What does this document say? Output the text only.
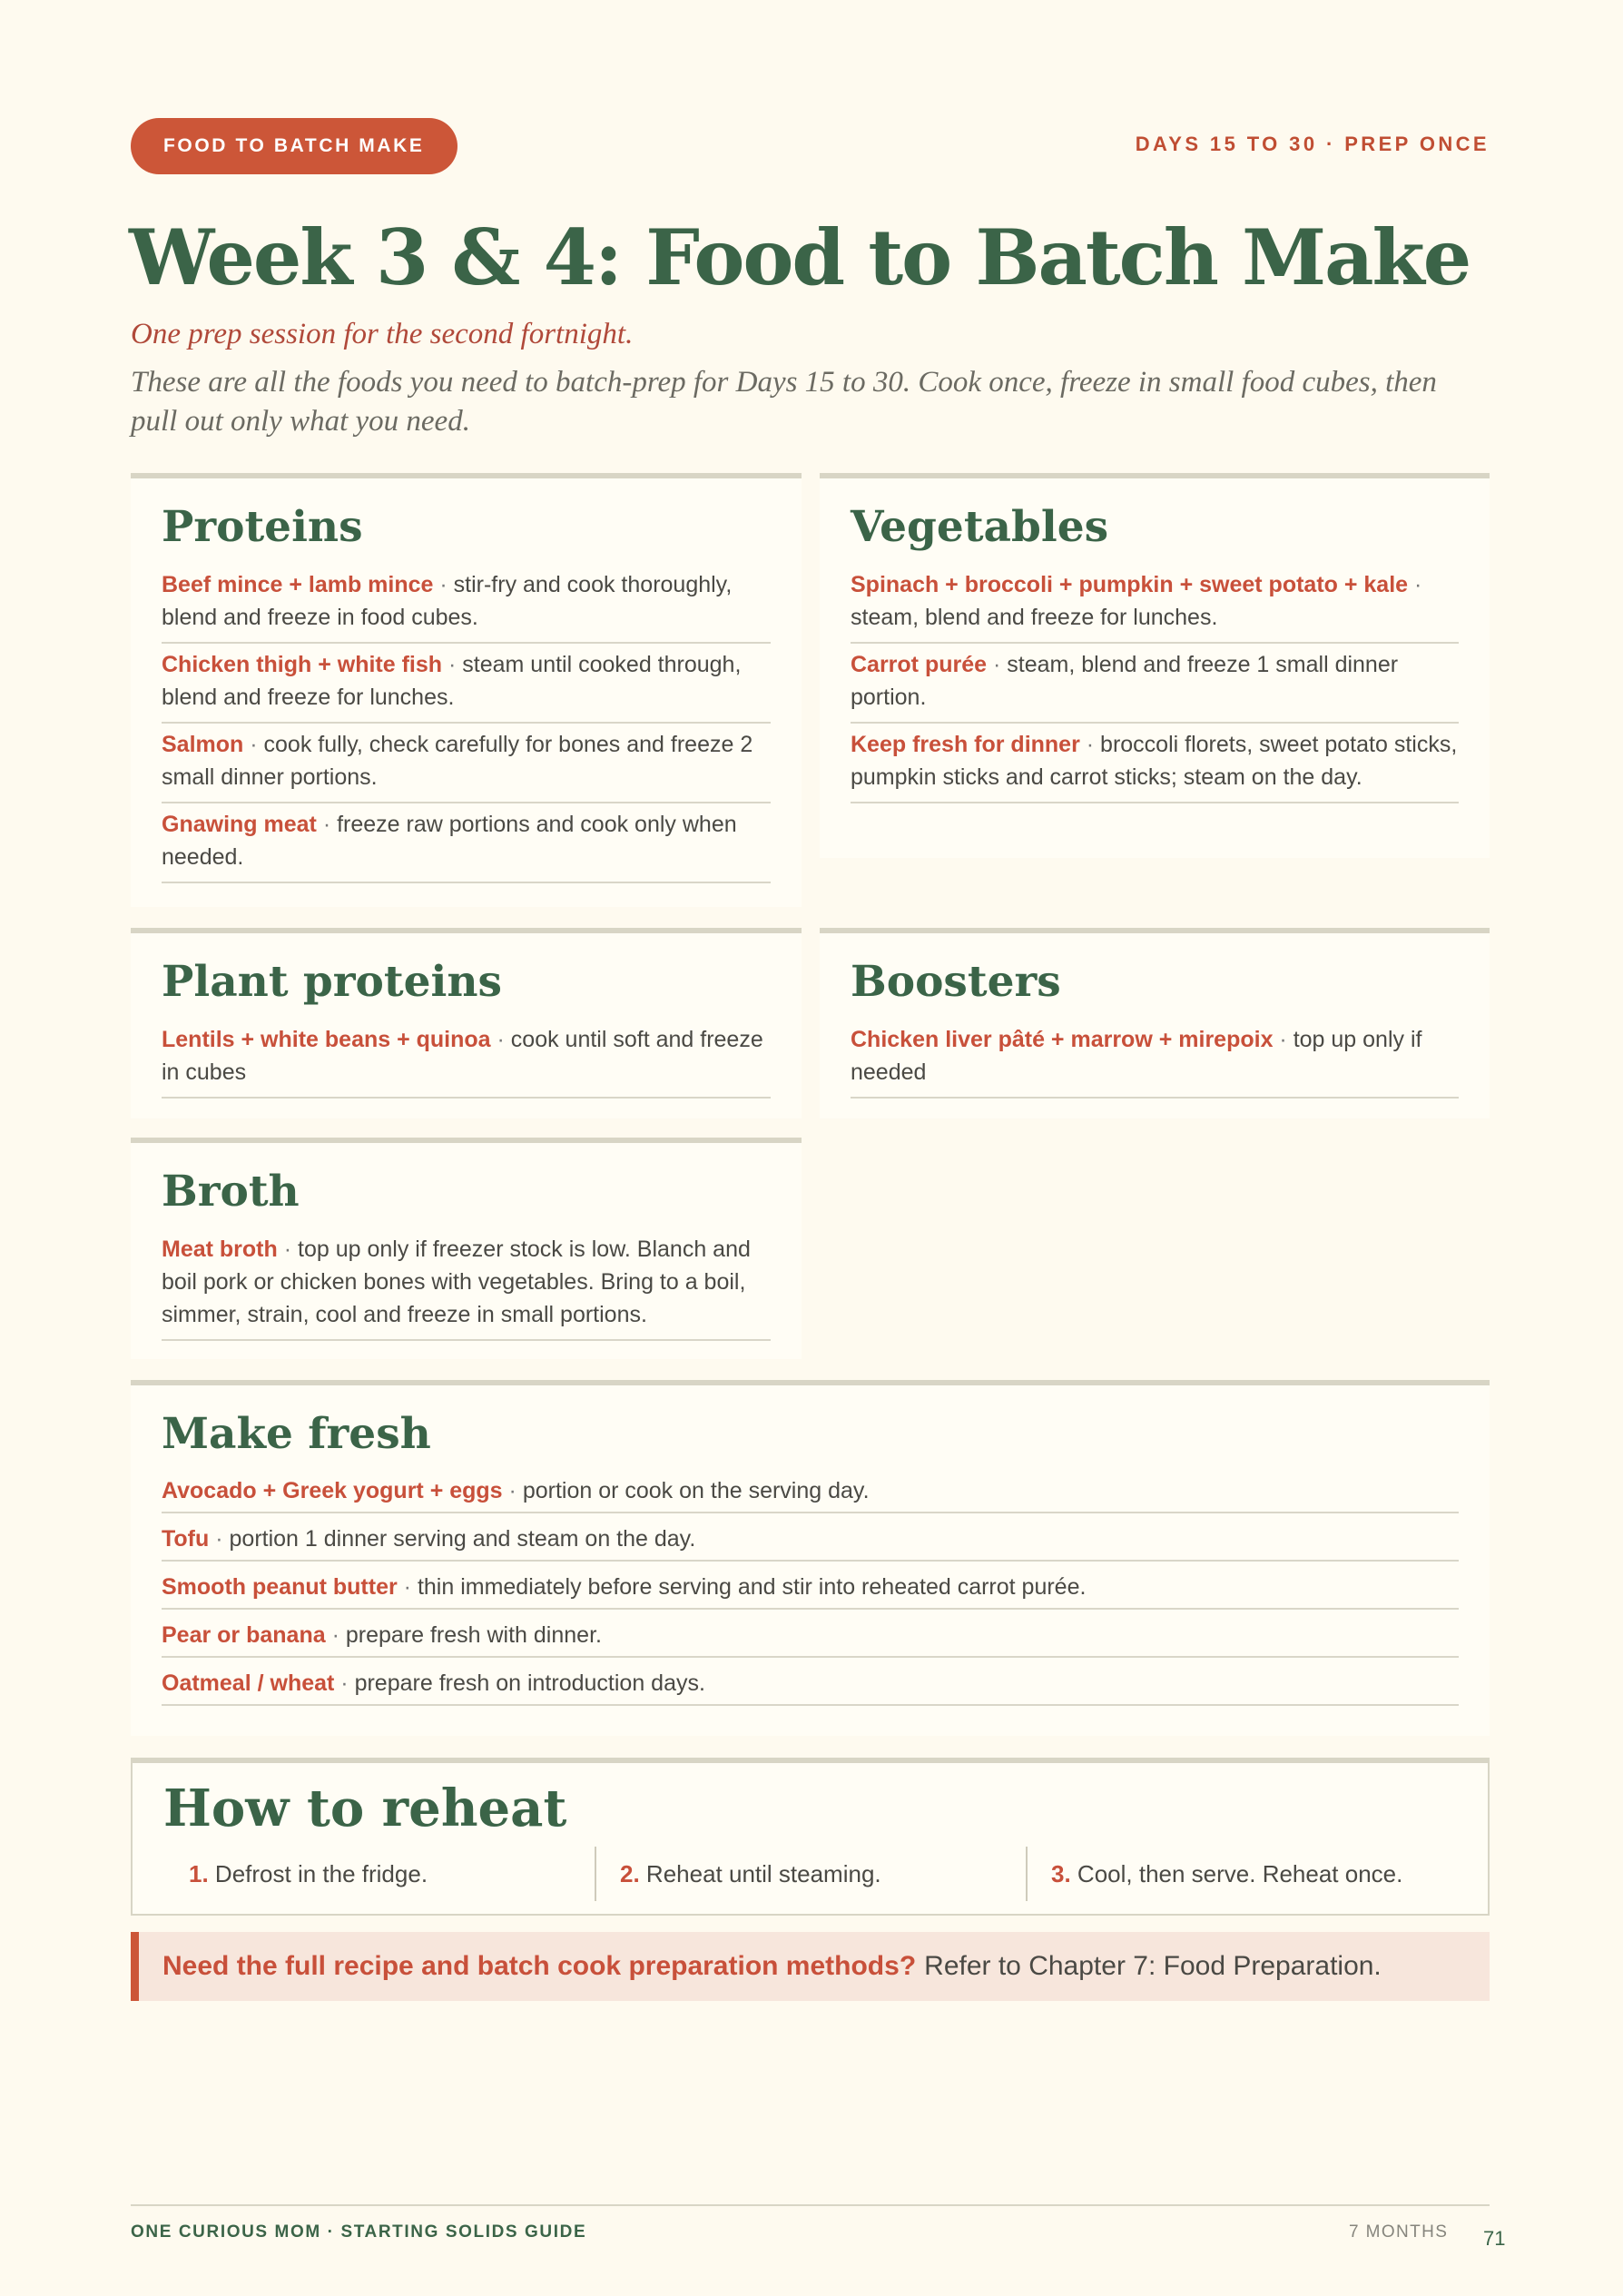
FOOD TO BATCH MAKE	DAYS 15 TO 30 · PREP ONCE
Week 3 & 4: Food to Batch Make
One prep session for the second fortnight.
These are all the foods you need to batch-prep for Days 15 to 30. Cook once, freeze in small food cubes, then pull out only what you need.
Proteins
Beef mince + lamb mince · stir-fry and cook thoroughly, blend and freeze in food cubes.
Chicken thigh + white fish · steam until cooked through, blend and freeze for lunches.
Salmon · cook fully, check carefully for bones and freeze 2 small dinner portions.
Gnawing meat · freeze raw portions and cook only when needed.
Vegetables
Spinach + broccoli + pumpkin + sweet potato + kale · steam, blend and freeze for lunches.
Carrot purée · steam, blend and freeze 1 small dinner portion.
Keep fresh for dinner · broccoli florets, sweet potato sticks, pumpkin sticks and carrot sticks; steam on the day.
Plant proteins
Lentils + white beans + quinoa · cook until soft and freeze in cubes
Boosters
Chicken liver pâté + marrow + mirepoix · top up only if needed
Broth
Meat broth · top up only if freezer stock is low. Blanch and boil pork or chicken bones with vegetables. Bring to a boil, simmer, strain, cool and freeze in small portions.
Make fresh
Avocado + Greek yogurt + eggs · portion or cook on the serving day.
Tofu · portion 1 dinner serving and steam on the day.
Smooth peanut butter · thin immediately before serving and stir into reheated carrot purée.
Pear or banana · prepare fresh with dinner.
Oatmeal / wheat · prepare fresh on introduction days.
How to reheat
1. Defrost in the fridge.	2. Reheat until steaming.	3. Cool, then serve. Reheat once.
Need the full recipe and batch cook preparation methods? Refer to Chapter 7: Food Preparation.
ONE CURIOUS MOM · STARTING SOLIDS GUIDE	7 MONTHS 71
